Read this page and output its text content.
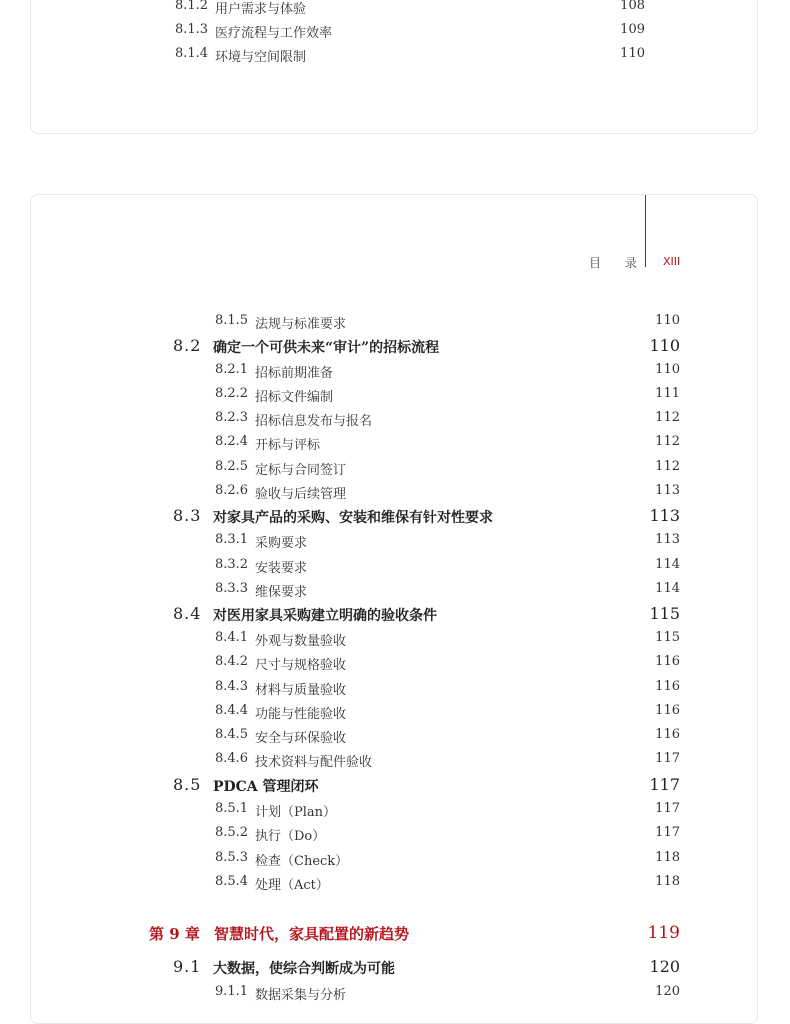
8.1.2 用户需求与体验	108
8.1.3 医疗流程与工作效率	109
8.1.4 环境与空间限制	110
目 录 XIII
8.1.5 法规与标准要求	110
8.2 确定一个可供未来“审计”的招标流程	110
8.2.1 招标前期准备	110
8.2.2 招标文件编制	111
8.2.3 招标信息发布与报名	112
8.2.4 开标与评标	112
8.2.5 定标与合同签订	112
8.2.6 验收与后续管理	113
8.3 对家具产品的采购、安装和维保有针对性要求	113
8.3.1 采购要求	113
8.3.2 安装要求	114
8.3.3 维保要求	114
8.4 对医用家具采购建立明确的验收条件	115
8.4.1 外观与数量验收	115
8.4.2 尺寸与规格验收	116
8.4.3 材料与质量验收	116
8.4.4 功能与性能验收	116
8.4.5 安全与环保验收	116
8.4.6 技术资料与配件验收	117
8.5 PDCA 管理闭环	117
8.5.1 计划（Plan）	117
8.5.2 执行（Do）	117
8.5.3 检查（Check）	118
8.5.4 处理（Act）	118
第 9 章 智慧时代，家具配置的新趋势	119
9.1 大数据，使综合判断成为可能	120
9.1.1 数据采集与分析	120
